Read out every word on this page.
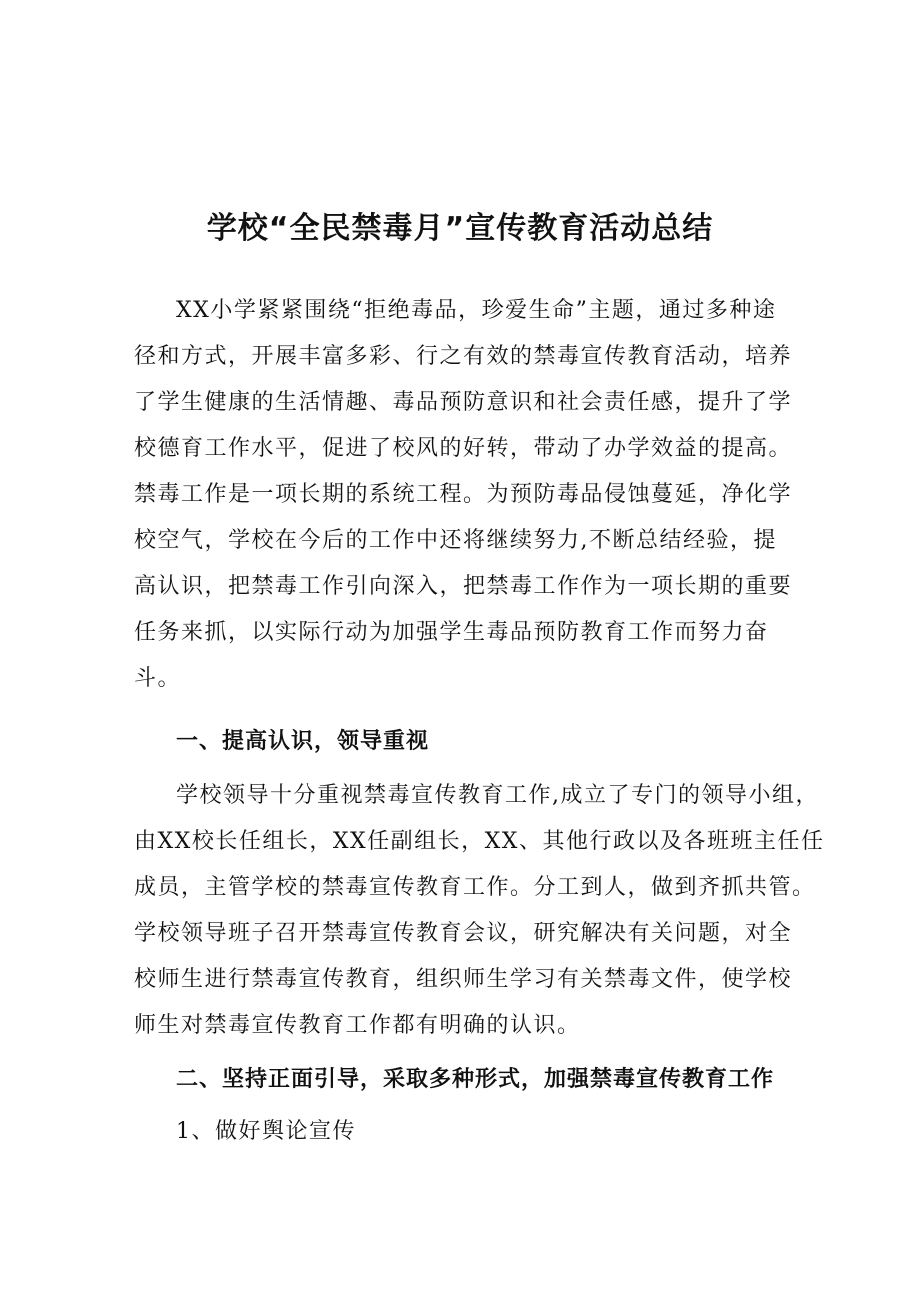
学校“全民禁毒月”宣传教育活动总结

XX小学紧紧围绕“拒绝毒品，珍爱生命”主题，通过多种途

径和方式，开展丰富多彩、行之有效的禁毒宣传教育活动，培养

了学生健康的生活情趣、毒品预防意识和社会责任感，提升了学

校德育工作水平，促进了校风的好转，带动了办学效益的提高。

禁毒工作是一项长期的系统工程。为预防毒品侵蚀蔓延，净化学

校空气，学校在今后的工作中还将继续努力,不断总结经验，提

高认识，把禁毒工作引向深入，把禁毒工作作为一项长期的重要

任务来抓，以实际行动为加强学生毒品预防教育工作而努力奋

斗。

一、提高认识，领导重视

学校领导十分重视禁毒宣传教育工作,成立了专门的领导小组，

由XX校长任组长，XX任副组长，XX、其他行政以及各班班主任任

成员，主管学校的禁毒宣传教育工作。分工到人，做到齐抓共管。

学校领导班子召开禁毒宣传教育会议，研究解决有关问题，对全

校师生进行禁毒宣传教育，组织师生学习有关禁毒文件，使学校

师生对禁毒宣传教育工作都有明确的认识。

二、坚持正面引导，采取多种形式，加强禁毒宣传教育工作

1、做好舆论宣传
